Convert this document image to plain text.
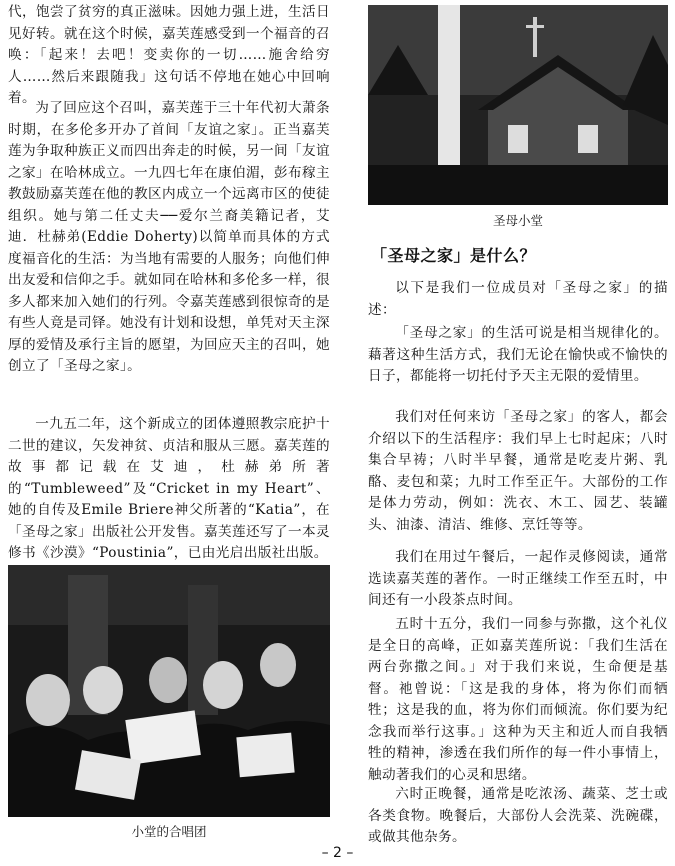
代，饱尝了贫穷的真正滋味。因她力强上进，生活日见好转。就在这个时候，嘉芙莲感受到一个福音的召唤：「起来！去吧！变卖你的一切……施舍给穷人……然后来跟随我」这句话不停地在她心中回响着。

为了回应这个召叫，嘉芙莲于三十年代初大萧条时期，在多伦多开办了首间「友谊之家」。正当嘉芙莲为争取种族正义而四出奔走的时候，另一间「友谊之家」在哈林成立。一九四七年在康伯湄，彭布稼主教鼓励嘉芙莲在他的教区内成立一个远离市区的使徒组织。她与第二任丈夫──爱尔兰裔美籍记者，艾迪．杜赫弟(Eddie Doherty)以简单而具体的方式度福音化的生活：为当地有需要的人服务；向他们伸出友爱和信仰之手。就如同在哈林和多伦多一样，很多人都来加入她们的行列。令嘉芙莲感到很惊奇的是有些人竟是司铎。她没有计划和设想，单凭对天主深厚的爱情及承行主旨的愿望，为回应天主的召叫，她创立了「圣母之家」。

一九五二年，这个新成立的团体遵照教宗庇护十二世的建议，矢发神贫、贞洁和服从三愿。嘉芙莲的故事都记载在艾迪，杜赫弟所著的“Tumbleweed”及“Cricket in my Heart”、她的自传及Emile Briere神父所著的“Katia”，在「圣母之家」出版社公开发售。嘉芙莲还写了一本灵修书《沙漠》“Poustinia”，已由光启出版社出版。

小堂的合唱团
圣母小堂
「圣母之家」是什么？

以下是我们一位成员对「圣母之家」的描述：

「圣母之家」的生活可说是相当规律化的。藉著这种生活方式，我们无论在愉快或不愉快的日子，都能将一切托付予天主无限的爱情里。

我们对任何来访「圣母之家」的客人，都会介绍以下的生活程序：我们早上七时起床；八时集合早祷；八时半早餐，通常是吃麦片粥、乳酪、麦包和菜；九时工作至正午。大部份的工作是体力劳动，例如：洗衣、木工、园艺、装罐头、油漆、清洁、维修、烹饪等等。

我们在用过午餐后，一起作灵修阅读，通常选读嘉芙莲的著作。一时正继续工作至五时，中间还有一小段茶点时间。

五时十五分，我们一同参与弥撒，这个礼仪是全日的高峰，正如嘉芙莲所说：「我们生活在两台弥撒之间。」对于我们来说，生命便是基督。祂曾说：「这是我的身体，将为你们而牺牲；这是我的血，将为你们而倾流。你们要为纪念我而举行这事。」这种为天主和近人而自我牺牲的精神，渗透在我们所作的每一件小事情上，触动著我们的心灵和思绪。

六时正晚餐，通常是吃浓汤、蔬菜、芝士或各类食物。晚餐后，大部份人会洗菜、洗碗碟，或做其他杂务。

– 2 –
